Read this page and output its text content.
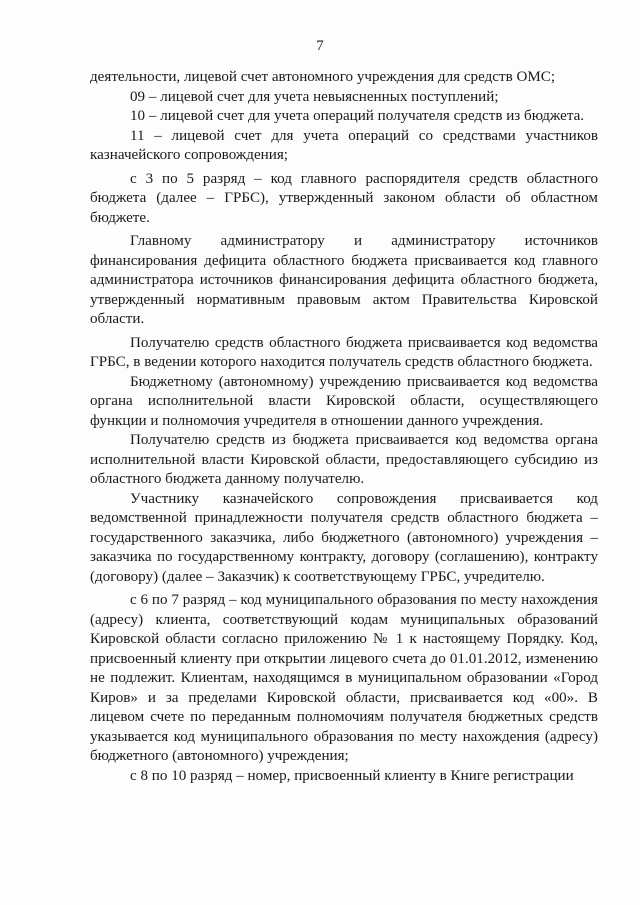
7

деятельности, лицевой счет автономного учреждения для средств ОМС;

09 – лицевой счет для учета невыясненных поступлений;

10 – лицевой счет для учета операций получателя средств из бюджета.

11 – лицевой счет для учета операций со средствами участников казначейского сопровождения;

с 3 по 5 разряд – код главного распорядителя средств областного бюджета (далее – ГРБС), утвержденный законом области об областном бюджете.

Главному администратору и администратору источников финансирования дефицита областного бюджета присваивается код главного администратора источников финансирования дефицита областного бюджета, утвержденный нормативным правовым актом Правительства Кировской области.

Получателю средств областного бюджета присваивается код ведомства ГРБС, в ведении которого находится получатель средств областного бюджета.

Бюджетному (автономному) учреждению присваивается код ведомства органа исполнительной власти Кировской области, осуществляющего функции и полномочия учредителя в отношении данного учреждения.

Получателю средств из бюджета присваивается код ведомства органа исполнительной власти Кировской области, предоставляющего субсидию из областного бюджета данному получателю.

Участнику казначейского сопровождения присваивается код ведомственной принадлежности получателя средств областного бюджета – государственного заказчика, либо бюджетного (автономного) учреждения – заказчика по государственному контракту, договору (соглашению), контракту (договору) (далее – Заказчик) к соответствующему ГРБС, учредителю.

с 6 по 7 разряд – код муниципального образования по месту нахождения (адресу) клиента, соответствующий кодам муниципальных образований Кировской области согласно приложению № 1 к настоящему Порядку. Код, присвоенный клиенту при открытии лицевого счета до 01.01.2012, изменению не подлежит. Клиентам, находящимся в муниципальном образовании «Город Киров» и за пределами Кировской области, присваивается код «00». В лицевом счете по переданным полномочиям получателя бюджетных средств указывается код муниципального образования по месту нахождения (адресу) бюджетного (автономного) учреждения;

с 8 по 10 разряд – номер, присвоенный клиенту в Книге регистрации
